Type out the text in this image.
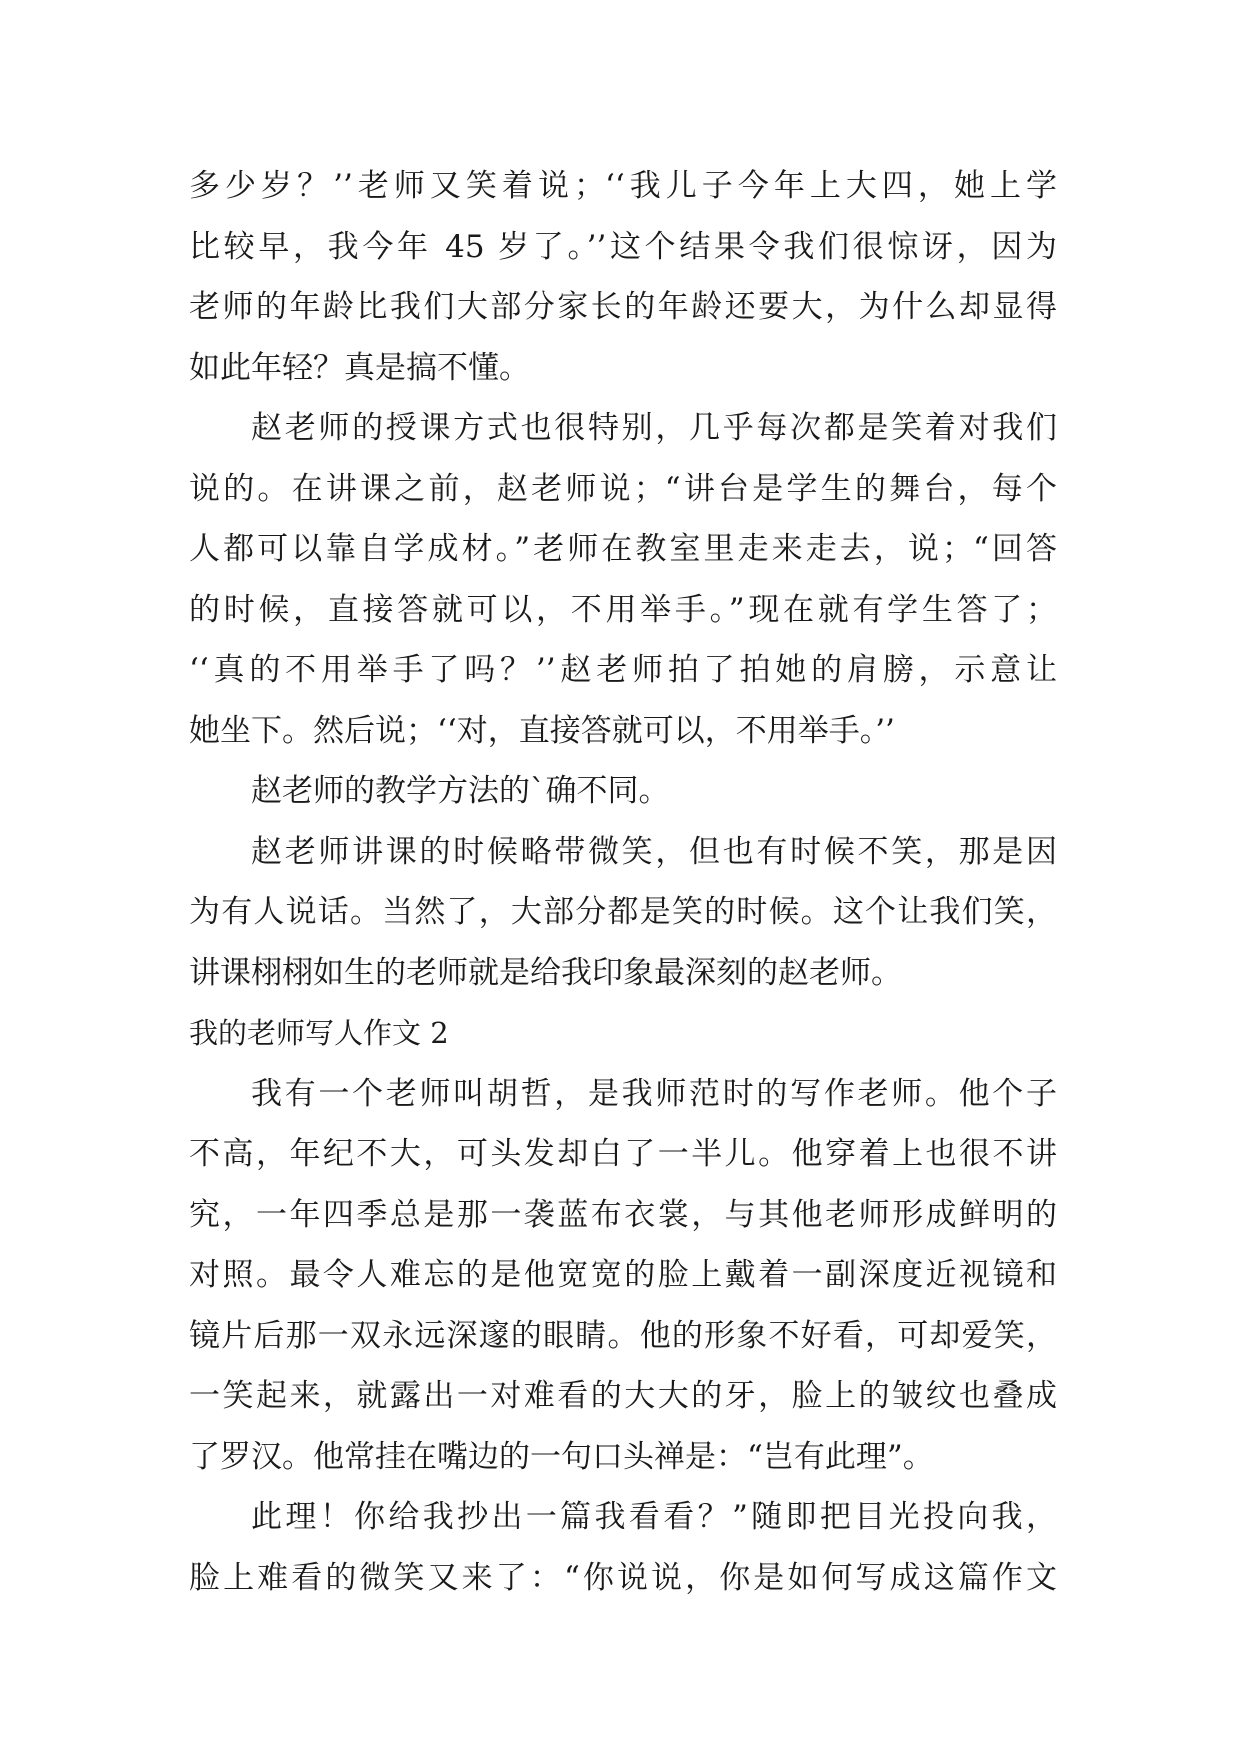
多少岁？’’老师又笑着说；‘‘我儿子今年上大四，她上学
比较早，我今年 45 岁了。’’这个结果令我们很惊讶，因为
老师的年龄比我们大部分家长的年龄还要大，为什么却显得
如此年轻？真是搞不懂。
赵老师的授课方式也很特别，几乎每次都是笑着对我们
说的。在讲课之前，赵老师说；“讲台是学生的舞台，每个
人都可以靠自学成材。”老师在教室里走来走去，说；“回答
的时候，直接答就可以，不用举手。”现在就有学生答了；
‘‘真的不用举手了吗？’’赵老师拍了拍她的肩膀，示意让
她坐下。然后说；‘‘对，直接答就可以，不用举手。’’
赵老师的教学方法的`确不同。
赵老师讲课的时候略带微笑，但也有时候不笑，那是因
为有人说话。当然了，大部分都是笑的时候。这个让我们笑，
讲课栩栩如生的老师就是给我印象最深刻的赵老师。
我的老师写人作文 2
我有一个老师叫胡哲，是我师范时的写作老师。他个子
不高，年纪不大，可头发却白了一半儿。他穿着上也很不讲
究，一年四季总是那一袭蓝布衣裳，与其他老师形成鲜明的
对照。最令人难忘的是他宽宽的脸上戴着一副深度近视镜和
镜片后那一双永远深邃的眼睛。他的形象不好看，可却爱笑，
一笑起来，就露出一对难看的大大的牙，脸上的皱纹也叠成
了罗汉。他常挂在嘴边的一句口头禅是：“岂有此理”。
此理！你给我抄出一篇我看看？”随即把目光投向我，
脸上难看的微笑又来了：“你说说，你是如何写成这篇作文
